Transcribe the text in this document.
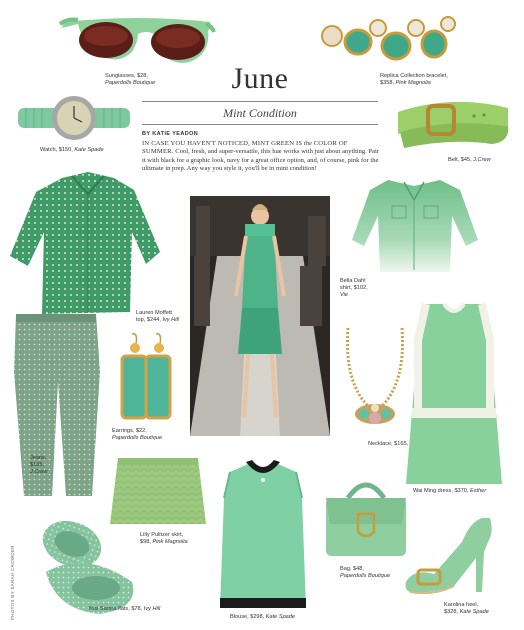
June
Mint Condition
BY KATIE YEADON
IN CASE YOU HAVEN'T NOTICED, MINT GREEN IS the COLOR OF SUMMER. Cool, fresh, and super-versatile, this hue works with just about anything. Pair it with black for a graphic look, navy for a great office option, and, of course, pink for the ultimate in prep. Any way you style it, you'll be in mint condition!
Sunglasses, $28,
Paperdolls Boutique
Replica Collection bracelet,
$358, Pink Magnolia
Watch, $150, Kate Spade
Belt, $45, J.Crew
Lauren Moffett
top, $244, Ivy Hill
Bella Dahl
shirt, $102,
Vie
Jeans,
$135,
J.Crew
Earrings, $22,
Paperdolls Boutique
Necklace, $165,
Wai Ming dress, $370, Esther
Lilly Pulitzer skirt,
$98, Pink Magnolia
Blouse, $298, Kate Spade
Bag, $48,
Paperdolls Boutique
Yosi Samra flats, $78, Ivy Hill
Karolina heel,
$328, Kate Spade
PHOTOS BY SARAH CROWDER
